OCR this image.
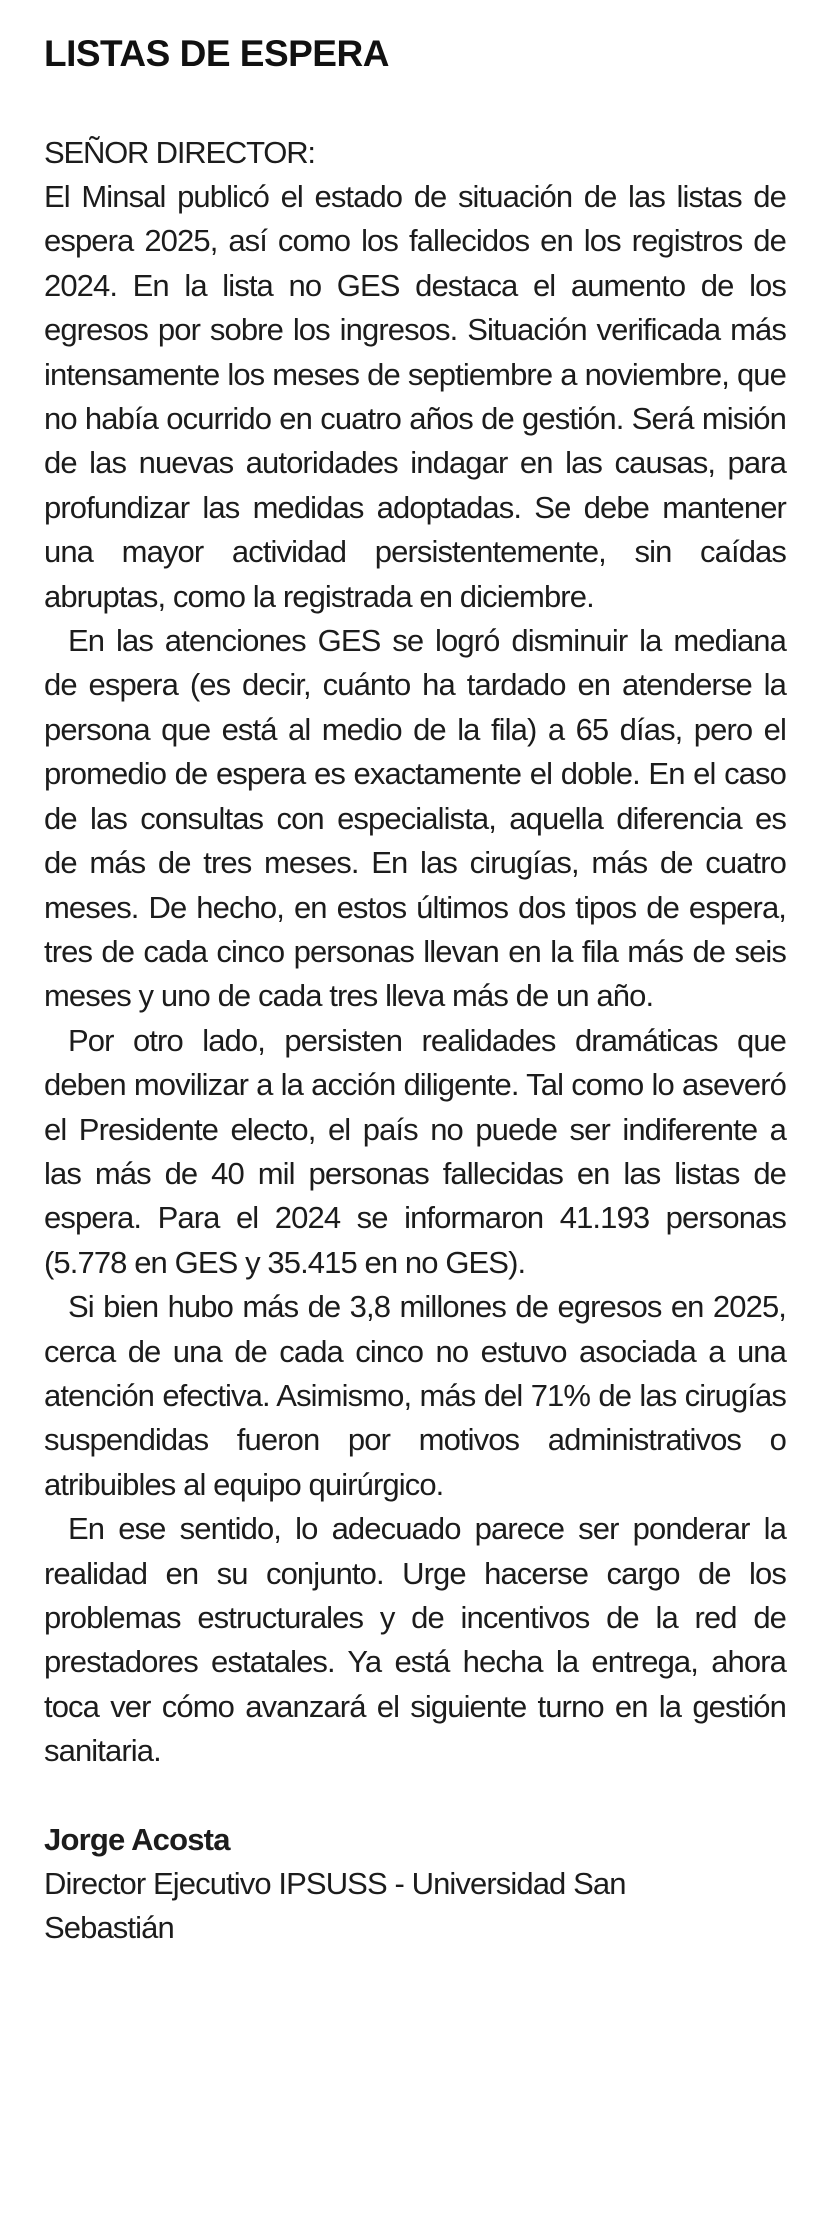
LISTAS DE ESPERA

SEÑOR DIRECTOR:

El Minsal publicó el estado de situación de las listas de espera 2025, así como los fallecidos en los registros de 2024. En la lista no GES destaca el aumento de los egresos por sobre los ingresos. Situación verificada más intensamente los meses de septiembre a noviembre, que no había ocurrido en cuatro años de gestión. Será misión de las nuevas autoridades indagar en las causas, para profundizar las medidas adoptadas. Se debe mantener una mayor actividad persistentemente, sin caídas abruptas, como la registrada en diciembre.

En las atenciones GES se logró disminuir la mediana de espera (es decir, cuánto ha tardado en atenderse la persona que está al medio de la fila) a 65 días, pero el promedio de espera es exactamente el doble. En el caso de las consultas con especialista, aquella diferencia es de más de tres meses. En las cirugías, más de cuatro meses. De hecho, en estos últimos dos tipos de espera, tres de cada cinco personas llevan en la fila más de seis meses y uno de cada tres lleva más de un año.

Por otro lado, persisten realidades dramáticas que deben movilizar a la acción diligente. Tal como lo aseveró el Presidente electo, el país no puede ser indiferente a las más de 40 mil personas fallecidas en las listas de espera. Para el 2024 se informaron 41.193 personas (5.778 en GES y 35.415 en no GES).

Si bien hubo más de 3,8 millones de egresos en 2025, cerca de una de cada cinco no estuvo asociada a una atención efectiva. Asimismo, más del 71% de las cirugías suspendidas fueron por motivos administrativos o atribuibles al equipo quirúrgico.

En ese sentido, lo adecuado parece ser ponderar la realidad en su conjunto. Urge hacerse cargo de los problemas estructurales y de incentivos de la red de prestadores estatales. Ya está hecha la entrega, ahora toca ver cómo avanzará el siguiente turno en la gestión sanitaria.

Jorge Acosta

Director Ejecutivo IPSUSS - Universidad San Sebastián
